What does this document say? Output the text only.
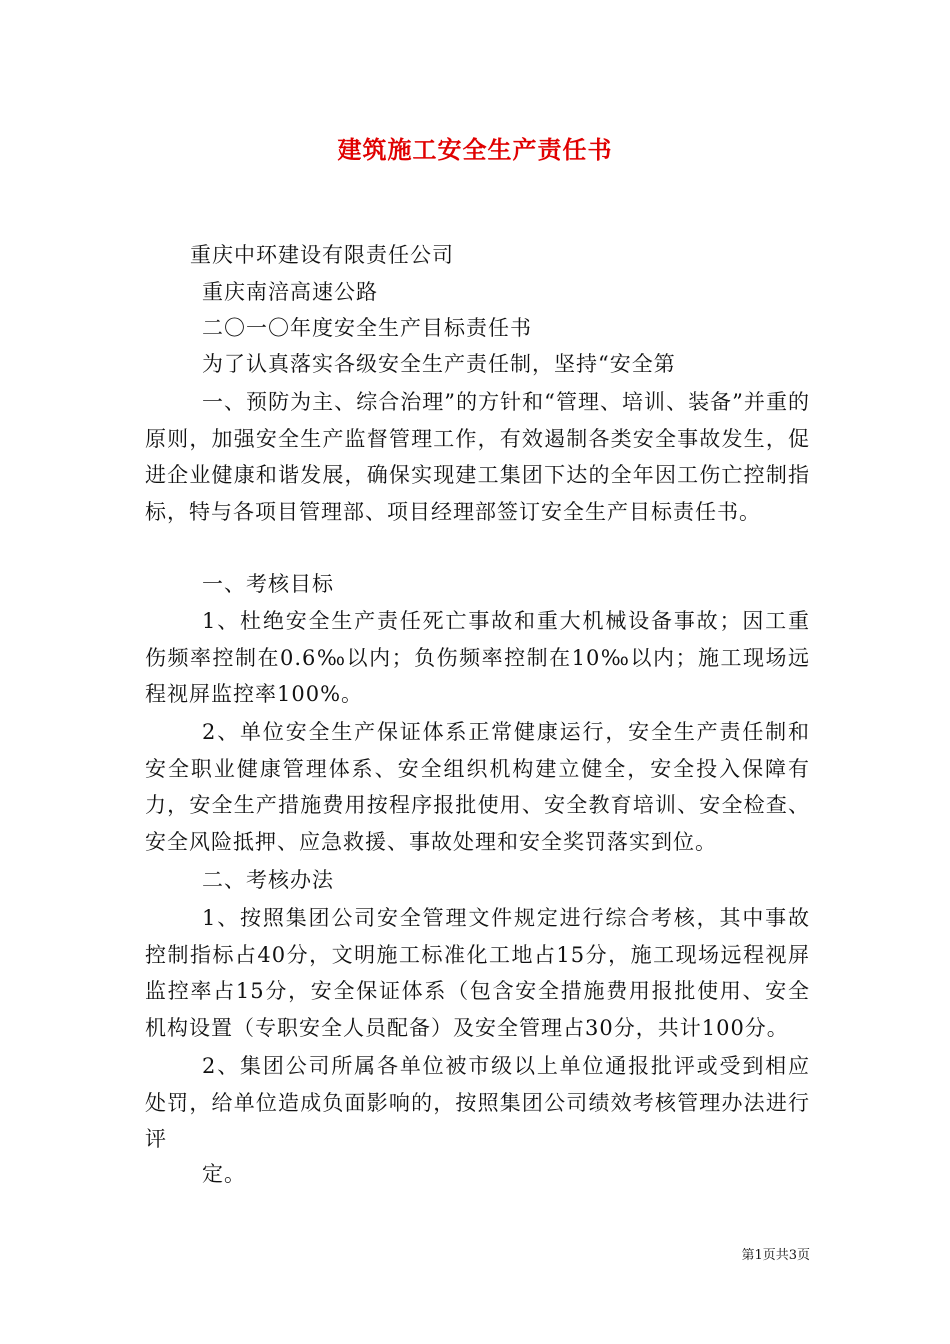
建筑施工安全生产责任书
重庆中环建设有限责任公司
重庆南涪高速公路
二〇一〇年度安全生产目标责任书
为了认真落实各级安全生产责任制，坚持“安全第
一、预防为主、综合治理”的方针和“管理、培训、装备”并重的原则，加强安全生产监督管理工作，有效遏制各类安全事故发生，促进企业健康和谐发展，确保实现建工集团下达的全年因工伤亡控制指标，特与各项目管理部、项目经理部签订安全生产目标责任书。
一、考核目标
1、杜绝安全生产责任死亡事故和重大机械设备事故；因工重伤频率控制在0.6‰以内；负伤频率控制在10‰以内；施工现场远程视屏监控率100%。
2、单位安全生产保证体系正常健康运行，安全生产责任制和安全职业健康管理体系、安全组织机构建立健全，安全投入保障有力，安全生产措施费用按程序报批使用、安全教育培训、安全检查、安全风险抵押、应急救援、事故处理和安全奖罚落实到位。
二、考核办法
1、按照集团公司安全管理文件规定进行综合考核，其中事故控制指标占40分，文明施工标准化工地占15分，施工现场远程视屏监控率占15分，安全保证体系（包含安全措施费用报批使用、安全机构设置（专职安全人员配备）及安全管理占30分，共计100分。
2、集团公司所属各单位被市级以上单位通报批评或受到相应处罚，给单位造成负面影响的，按照集团公司绩效考核管理办法进行评
定。
第1页共3页
